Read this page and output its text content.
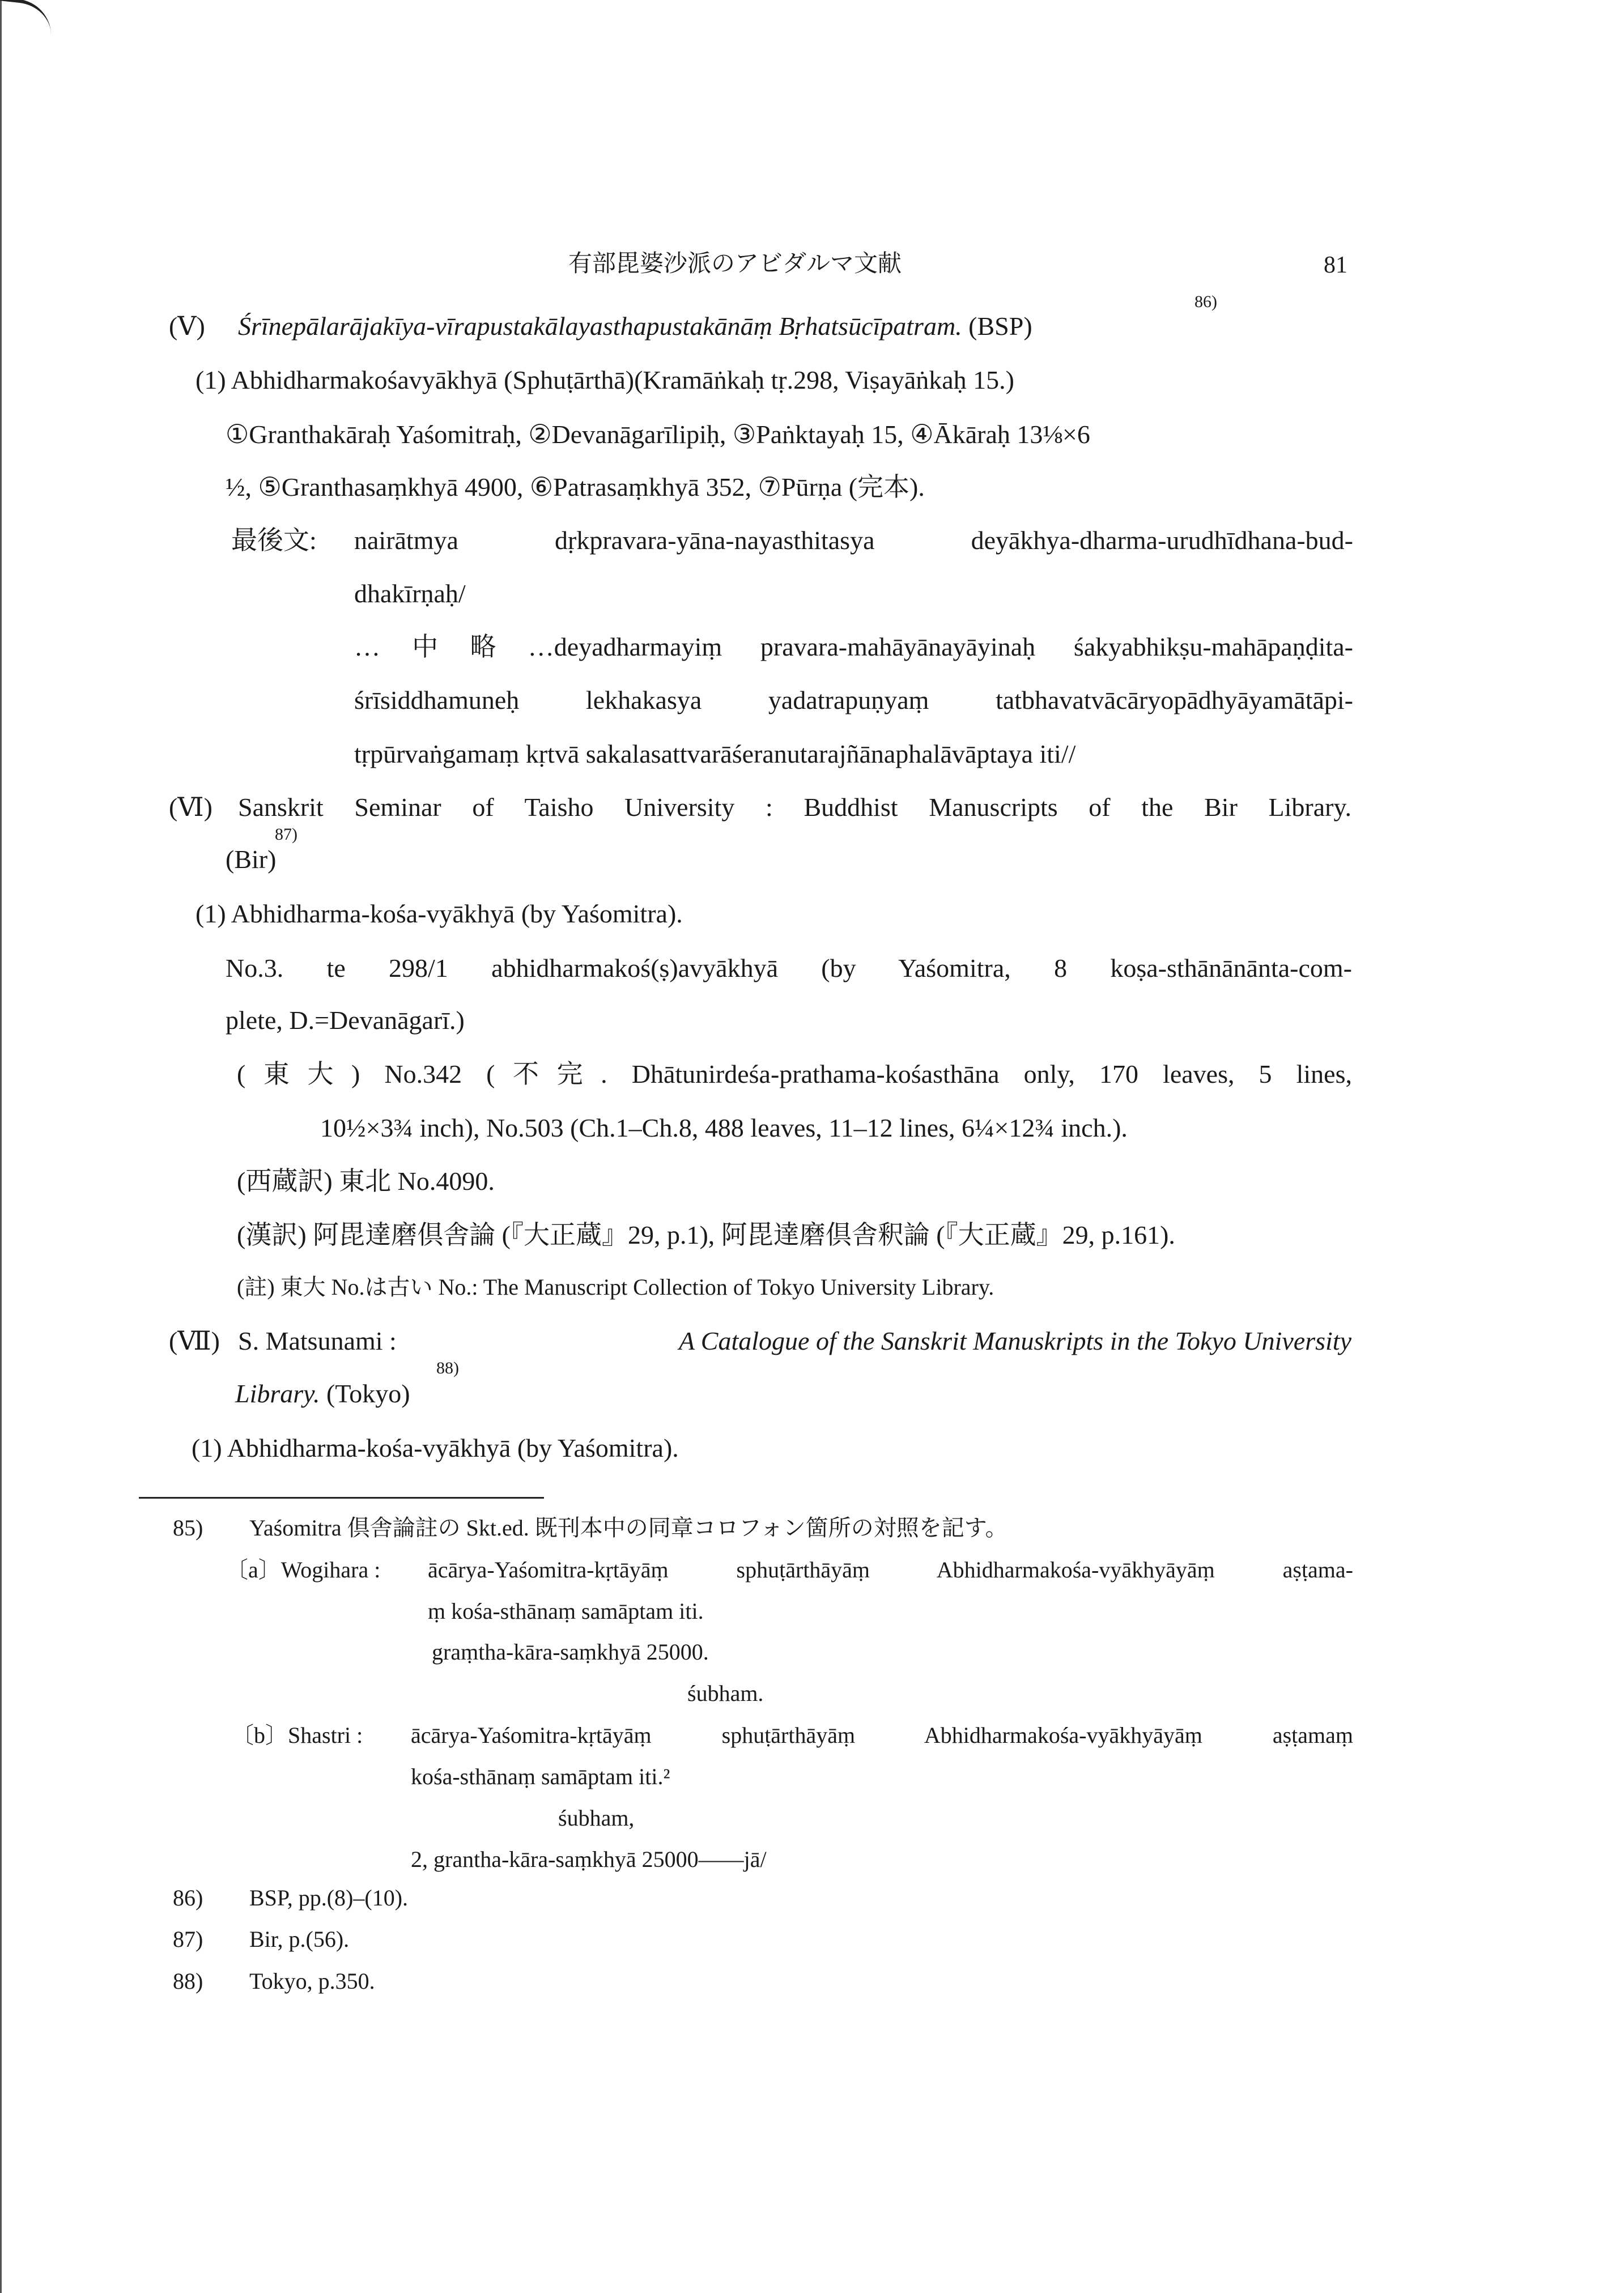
有部毘婆沙派のアビダルマ文献	81
(Ⅴ) Śrīnepālarājakīya-vīrapustakālayasthapustakānāṃ Bṛhatsūcīpatram. (BSP)
86)
(1) Abhidharmakośavyākhyā (Sphuṭārthā)(Kramāṅkaḥ tṛ.298, Viṣayāṅkaḥ 15.)
①Granthakāraḥ Yaśomitraḥ, ②Devanāgarīlipiḥ, ③Paṅktayaḥ 15, ④Ākāraḥ 13⅛×6
½, ⑤Granthasaṃkhyā 4900, ⑥Patrasaṃkhyā 352, ⑦Pūrṇa (完本).
最後文: nairātmya dṛkpravara-yāna-nayasthitasya deyākhya-dharma-urudhīdhana-bud-
dhakīrṇaḥ/
…中略…deyadharmayiṃ pravara-mahāyānayāyinaḥ śakyabhikṣu-mahāpaṇḍita-
śrīsiddhamuneḥ lekhakasya yadatrapuṇyaṃ tatbhavatvācāryopādhyāyamātāpi-
tṛpūrvaṅgamaṃ kṛtvā sakalasattvarāśeranutarajñānaphalāvāptaya iti//
(Ⅵ) Sanskrit Seminar of Taisho University : Buddhist Manuscripts of the Bir Library.
(Bir)
87)
(1) Abhidharma-kośa-vyākhyā (by Yaśomitra).
No.3. te 298/1 abhidharmakoś(ṣ)avyākhyā (by Yaśomitra, 8 koṣa-sthānānānta-com-
plete, D.=Devanāgarī.)
(東大) No.342 (不完. Dhātunirdeśa-prathama-kośasthāna only, 170 leaves, 5 lines,
10½×3¾ inch), No.503 (Ch.1–Ch.8, 488 leaves, 11–12 lines, 6¼×12¾ inch.).
(西蔵訳) 東北 No.4090.
(漢訳) 阿毘達磨倶舎論 (『大正蔵』29, p.1), 阿毘達磨倶舎釈論 (『大正蔵』29, p.161).
(註) 東大 No.は古い No.: The Manuscript Collection of Tokyo University Library.
(Ⅶ) S. Matsunami :	A Catalogue of the Sanskrit Manuskripts in the Tokyo University
Library. (Tokyo)
88)
(1) Abhidharma-kośa-vyākhyā (by Yaśomitra).
85) Yaśomitra 倶舎論註の Skt.ed. 既刊本中の同章コロフォン箇所の対照を記す。
〔a〕Wogihara : ācārya-Yaśomitra-kṛtāyāṃ sphuṭārthāyāṃ Abhidharmakośa-vyākhyāyāṃ aṣṭama-
ṃ kośa-sthānaṃ samāptam iti.
graṃtha-kāra-saṃkhyā 25000.
śubham.
〔b〕Shastri : ācārya-Yaśomitra-kṛtāyāṃ sphuṭārthāyāṃ Abhidharmakośa-vyākhyāyāṃ aṣṭamaṃ
kośa-sthānaṃ samāptam iti.²
śubham,
2, grantha-kāra-saṃkhyā 25000——jā/
86) BSP, pp.(8)–(10).
87) Bir, p.(56).
88) Tokyo, p.350.
